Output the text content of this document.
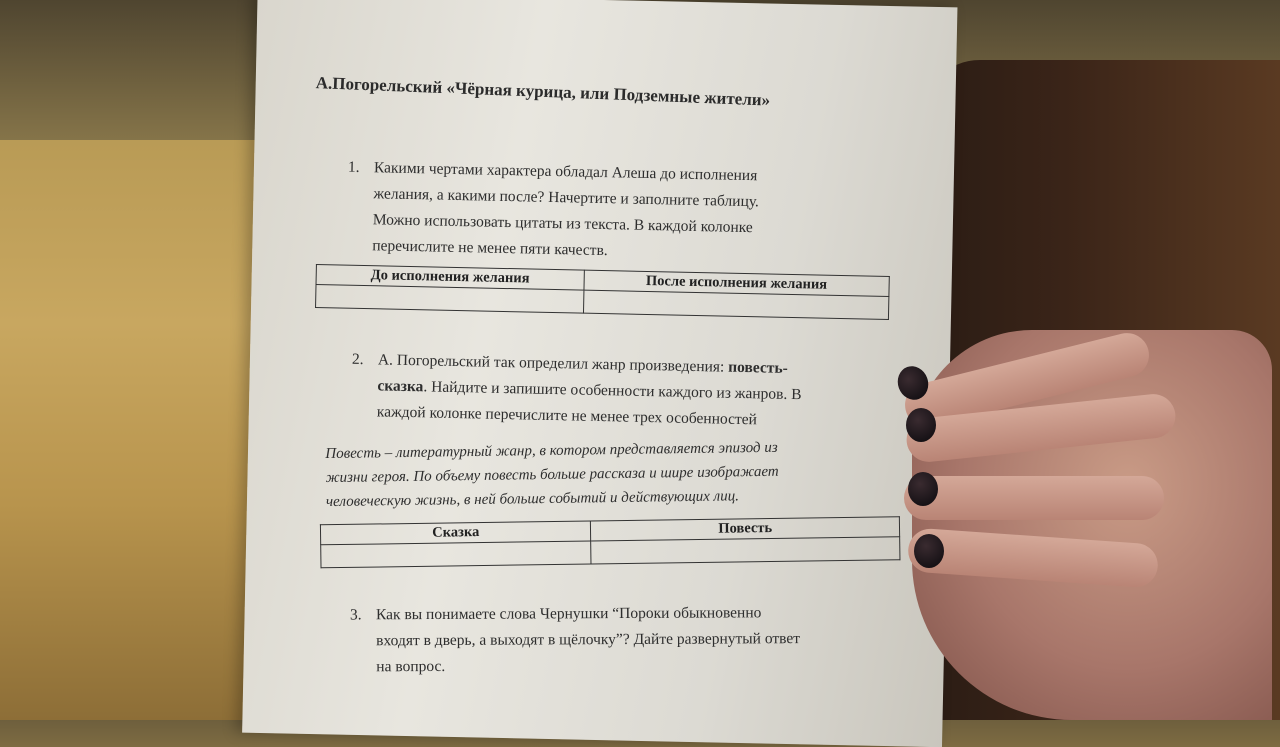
А.Погорельский «Чёрная курица, или Подземные жители»
1. Какими чертами характера обладал Алеша до исполнения
желания, а какими после? Начертите и заполните таблицу.
Можно использовать цитаты из текста. В каждой колонке
перечислите не менее пяти качеств.
До исполнения желания	После исполнения желания

2. А. Погорельский так определил жанр произведения: повесть-
сказка. Найдите и запишите особенности каждого из жанров. В
каждой колонке перечислите не менее трех особенностей
Повесть – литературный жанр, в котором представляется эпизод из
жизни героя. По объему повесть больше рассказа и шире изображает
человеческую жизнь, в ней больше событий и действующих лиц.
Сказка	Повесть

3. Как вы понимаете слова Чернушки “Пороки обыкновенно
входят в дверь, а выходят в щёлочку”? Дайте развернутый ответ
на вопрос.
